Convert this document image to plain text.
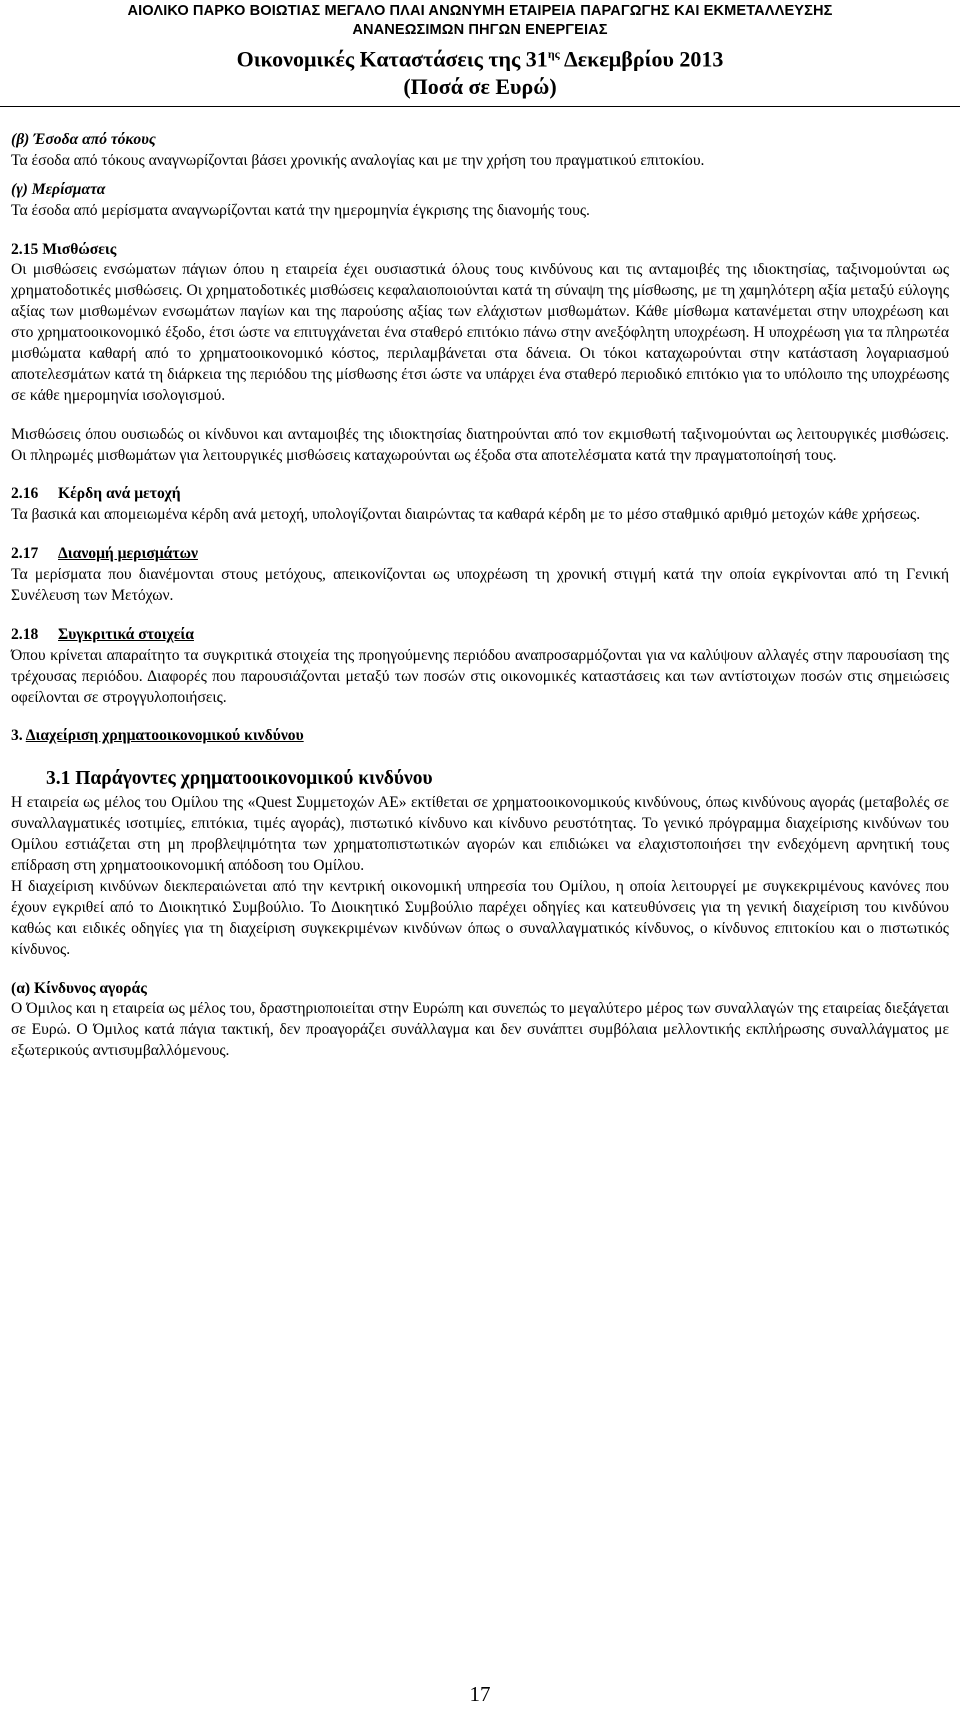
ΑΙΟΛΙΚΟ ΠΑΡΚΟ ΒΟΙΩΤΙΑΣ ΜΕΓΑΛΟ ΠΛΑΙ ΑΝΩΝΥΜΗ ΕΤΑΙΡΕΙΑ ΠΑΡΑΓΩΓΗΣ ΚΑΙ ΕΚΜΕΤΑΛΛΕΥΣΗΣ
ΑΝΑΝΕΩΣΙΜΩΝ ΠΗΓΩΝ ΕΝΕΡΓΕΙΑΣ
Οικονομικές Καταστάσεις της $31^{\eta\varsigma}$ Δεκεμβρίου 2013
(Ποσά σε Ευρώ)

(β) Έσοδα από τόκους

Τα έσοδα από τόκους αναγνωρίζονται βάσει χρονικής αναλογίας και με την χρήση του πραγματικού επιτοκίου.

(γ) Μερίσματα

Τα έσοδα από μερίσματα αναγνωρίζονται κατά την ημερομηνία έγκρισης της διανομής τους.

2.15 Μισθώσεις

Οι μισθώσεις ενσώματων πάγιων όπου η εταιρεία έχει ουσιαστικά όλους τους κινδύνους και τις ανταμοιβές της ιδιοκτησίας, ταξινομούνται ως χρηματοδοτικές μισθώσεις. Οι χρηματοδοτικές μισθώσεις κεφαλαιοποιούνται κατά τη σύναψη της μίσθωσης, με τη χαμηλότερη αξία μεταξύ εύλογης αξίας των μισθωμένων ενσωμάτων παγίων και της παρούσης αξίας των ελάχιστων μισθωμάτων. Κάθε μίσθωμα κατανέμεται στην υποχρέωση και στο χρηματοοικονομικό έξοδο, έτσι ώστε να επιτυγχάνεται ένα σταθερό επιτόκιο πάνω στην ανεξόφλητη υποχρέωση. Η υποχρέωση για τα πληρωτέα μισθώματα καθαρή από το χρηματοοικονομικό κόστος, περιλαμβάνεται στα δάνεια. Οι τόκοι καταχωρούνται στην κατάσταση λογαριασμού αποτελεσμάτων κατά τη διάρκεια της περιόδου της μίσθωσης έτσι ώστε να υπάρχει ένα σταθερό περιοδικό επιτόκιο για το υπόλοιπο της υποχρέωσης σε κάθε ημερομηνία ισολογισμού.

Μισθώσεις όπου ουσιωδώς οι κίνδυνοι και ανταμοιβές της ιδιοκτησίας διατηρούνται από τον εκμισθωτή ταξινομούνται ως λειτουργικές μισθώσεις. Οι πληρωμές μισθωμάτων για λειτουργικές μισθώσεις καταχωρούνται ως έξοδα στα αποτελέσματα κατά την πραγματοποίησή τους.

2.16 Κέρδη ανά μετοχή

Τα βασικά και απομειωμένα κέρδη ανά μετοχή, υπολογίζονται διαιρώντας τα καθαρά κέρδη με το μέσο σταθμικό αριθμό μετοχών κάθε χρήσεως.

2.17 Διανομή μερισμάτων

Τα μερίσματα που διανέμονται στους μετόχους, απεικονίζονται ως υποχρέωση τη χρονική στιγμή κατά την οποία εγκρίνονται από τη Γενική Συνέλευση των Μετόχων.

2.18 Συγκριτικά στοιχεία

Όπου κρίνεται απαραίτητο τα συγκριτικά στοιχεία της προηγούμενης περιόδου αναπροσαρμόζονται για να καλύψουν αλλαγές στην παρουσίαση της τρέχουσας περιόδου. Διαφορές που παρουσιάζονται μεταξύ των ποσών στις οικονομικές καταστάσεις και των αντίστοιχων ποσών στις σημειώσεις οφείλονται σε στρογγυλοποιήσεις.

3. Διαχείριση χρηματοοικονομικού κινδύνου

3.1 Παράγοντες χρηματοοικονομικού κινδύνου

Η εταιρεία ως μέλος του Ομίλου της «Quest Συμμετοχών ΑΕ» εκτίθεται σε χρηματοοικονομικούς κινδύνους, όπως κινδύνους αγοράς (μεταβολές σε συναλλαγματικές ισοτιμίες, επιτόκια, τιμές αγοράς), πιστωτικό κίνδυνο και κίνδυνο ρευστότητας. Το γενικό πρόγραμμα διαχείρισης κινδύνων του Ομίλου εστιάζεται στη μη προβλεψιμότητα των χρηματοπιστωτικών αγορών και επιδιώκει να ελαχιστοποιήσει την ενδεχόμενη αρνητική τους επίδραση στη χρηματοοικονομική απόδοση του Ομίλου.

Η διαχείριση κινδύνων διεκπεραιώνεται από την κεντρική οικονομική υπηρεσία του Ομίλου, η οποία λειτουργεί με συγκεκριμένους κανόνες που έχουν εγκριθεί από το Διοικητικό Συμβούλιο. Το Διοικητικό Συμβούλιο παρέχει οδηγίες και κατευθύνσεις για τη γενική διαχείριση του κινδύνου καθώς και ειδικές οδηγίες για τη διαχείριση συγκεκριμένων κινδύνων όπως ο συναλλαγματικός κίνδυνος, ο κίνδυνος επιτοκίου και ο πιστωτικός κίνδυνος.

(α) Κίνδυνος αγοράς

Ο Όμιλος και η εταιρεία ως μέλος του, δραστηριοποιείται στην Ευρώπη και συνεπώς το μεγαλύτερο μέρος των συναλλαγών της εταιρείας διεξάγεται σε Ευρώ. Ο Όμιλος κατά πάγια τακτική, δεν προαγοράζει συνάλλαγμα και δεν συνάπτει συμβόλαια μελλοντικής εκπλήρωσης συναλλάγματος με εξωτερικούς αντισυμβαλλόμενους.

17
